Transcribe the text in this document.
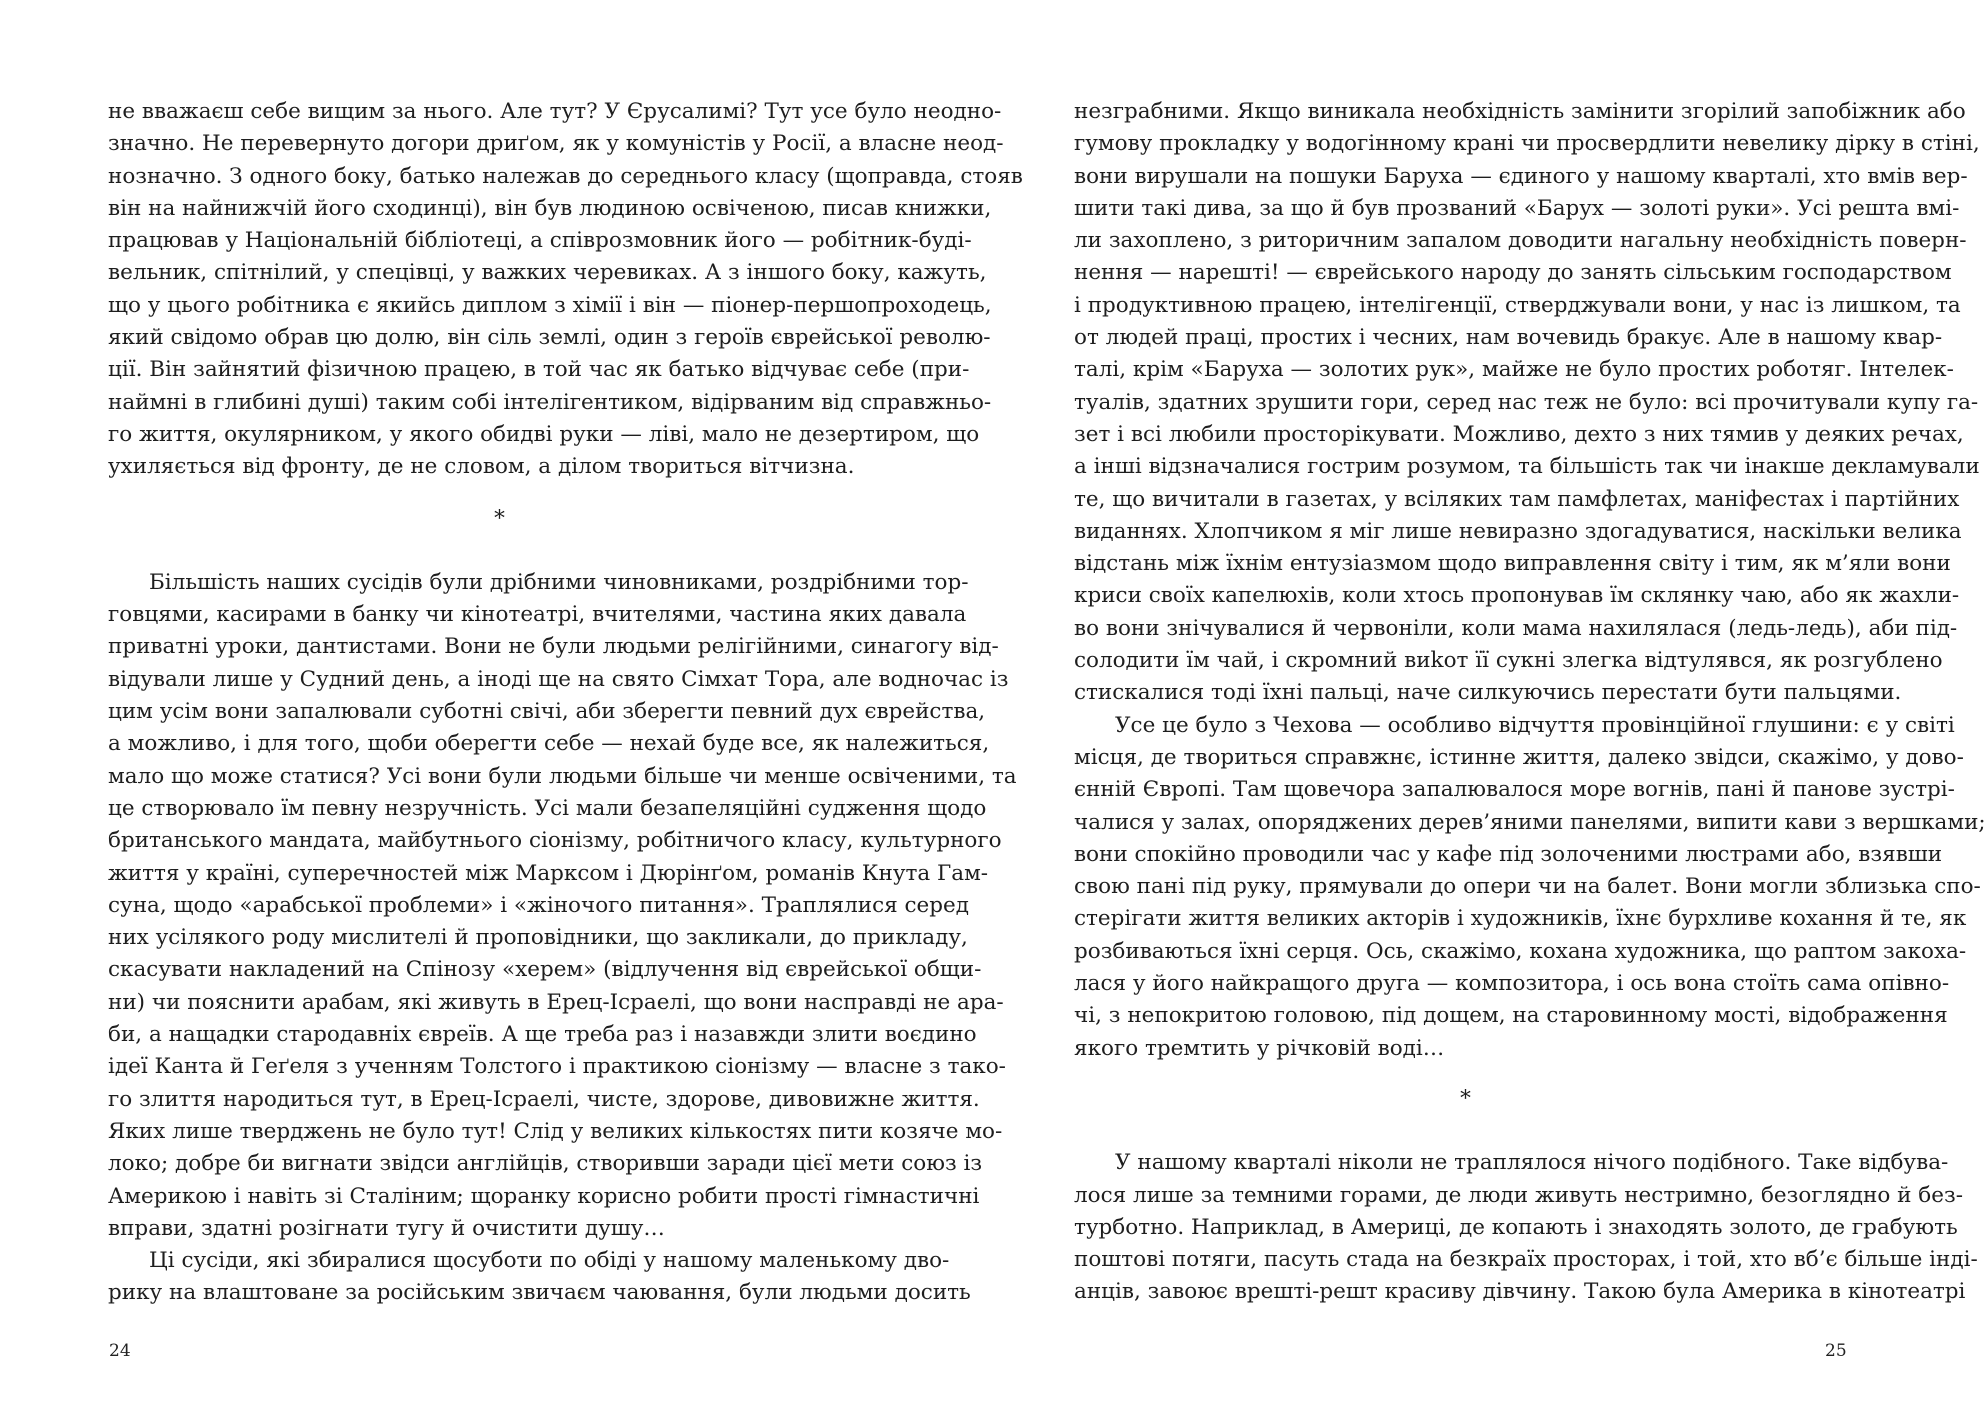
не вважаєш себе вищим за нього. Але тут? У Єрусалимі? Тут усе було неодно-
значно. Не перевернуто догори дриґом, як у комуністів у Росії, а власне неод-
нозначно. З одного боку, батько належав до середнього класу (щоправда, стояв
він на найнижчій його сходинці), він був людиною освіченою, писав книжки,
працював у Національній бібліотеці, а співрозмовник його — робітник-буді-
вельник, спітнілий, у спецівці, у важких черевиках. А з іншого боку, кажуть,
що у цього робітника є якийсь диплом з хімії і він — піонер-першопроходець,
який свідомо обрав цю долю, він сіль землі, один з героїв єврейської револю-
ції. Він зайнятий фізичною працею, в той час як батько відчуває себе (при-
наймні в глибині душі) таким собі інтелігентиком, відірваним від справжньо-
го життя, окулярником, у якого обидві руки — ліві, мало не дезертиром, що
ухиляється від фронту, де не словом, а ділом твориться вітчизна.
*
Більшість наших сусідів були дрібними чиновниками, роздрібними тор-
говцями, касирами в банку чи кінотеатрі, вчителями, частина яких давала
приватні уроки, дантистами. Вони не були людьми релігійними, синагогу від-
відували лише у Судний день, а іноді ще на свято Сімхат Тора, але водночас із
цим усім вони запалювали суботні свічі, аби зберегти певний дух єврейства,
а можливо, і для того, щоби оберегти себе — нехай буде все, як належиться,
мало що може статися? Усі вони були людьми більше чи менше освіченими, та
це створювало їм певну незручність. Усі мали безапеляційні судження щодо
британського мандата, майбутнього сіонізму, робітничого класу, культурного
життя у країні, суперечностей між Марксом і Дюрінґом, романів Кнута Гам-
суна, щодо «арабської проблеми» і «жіночого питання». Траплялися серед
них усілякого роду мислителі й проповідники, що закликали, до прикладу,
скасувати накладений на Спінозу «херем» (відлучення від єврейської общи-
ни) чи пояснити арабам, які живуть в Ерец-Ісраелі, що вони насправді не ара-
би, а нащадки стародавніх євреїв. А ще треба раз і назавжди злити воєдино
ідеї Канта й Геґеля з ученням Толстого і практикою сіонізму — власне з тако-
го злиття народиться тут, в Ерец-Ісраелі, чисте, здорове, дивовижне життя.
Яких лише тверджень не було тут! Слід у великих кількостях пити козяче мо-
локо; добре би вигнати звідси англійців, створивши заради цієї мети союз із
Америкою і навіть зі Сталіним; щоранку корисно робити прості гімнастичні
вправи, здатні розігнати тугу й очистити душу…
Ці сусіди, які збиралися щосуботи по обіді у нашому маленькому дво-
рику на влаштоване за російським звичаєм чаювання, були людьми досить
незграбними. Якщо виникала необхідність замінити згорілий запобіжник або
гумову прокладку у водогінному крані чи просвердлити невелику дірку в стіні,
вони вирушали на пошуки Баруха — єдиного у нашому кварталі, хто вмів вер-
шити такі дива, за що й був прозваний «Барух — золоті руки». Усі решта вмі-
ли захоплено, з риторичним запалом доводити нагальну необхідність поверн-
нення — нарешті! — єврейського народу до занять сільським господарством
і продуктивною працею, інтелігенції, стверджували вони, у нас із лишком, та
от людей праці, простих і чесних, нам вочевидь бракує. Але в нашому квар-
талі, крім «Баруха — золотих рук», майже не було простих роботяг. Інтелек-
туалів, здатних зрушити гори, серед нас теж не було: всі прочитували купу га-
зет і всі любили просторікувати. Можливо, дехто з них тямив у деяких речах,
а інші відзначалися гострим розумом, та більшість так чи інакше декламували
те, що вичитали в газетах, у всіляких там памфлетах, маніфестах і партійних
виданнях. Хлопчиком я міг лише невиразно здогадуватися, наскільки велика
відстань між їхнім ентузіазмом щодо виправлення світу і тим, як м’яли вони
криси своїх капелюхів, коли хтось пропонував їм склянку чаю, або як жахли-
во вони знічувалися й червоніли, коли мама нахилялася (ледь-ледь), аби під-
солодити їм чай, і скромний виkот її сукні злегка відтулявся, як розгублено
стискалися тоді їхні пальці, наче силкуючись перестати бути пальцями.
Усе це було з Чехова — особливо відчуття провінційної глушини: є у світі
місця, де твориться справжнє, істинне життя, далеко звідси, скажімо, у дово-
єнній Європі. Там щовечора запалювалося море вогнів, пані й панове зустрі-
чалися у залах, опоряджених дерев’яними панелями, випити кави з вершками;
вони спокійно проводили час у кафе під золоченими люстрами або, взявши
свою пані під руку, прямували до опери чи на балет. Вони могли зблизька спо-
стерігати життя великих акторів і художників, їхнє бурхливе кохання й те, як
розбиваються їхні серця. Ось, скажімо, кохана художника, що раптом закоха-
лася у його найкращого друга — композитора, і ось вона стоїть сама опівно-
чі, з непокритою головою, під дощем, на старовинному мості, відображення
якого тремтить у річковій воді…
*
У нашому кварталі ніколи не траплялося нічого подібного. Таке відбува-
лося лише за темними горами, де люди живуть нестримно, безоглядно й без-
турботно. Наприклад, в Америці, де копають і знаходять золото, де грабують
поштові потяги, пасуть стада на безкраїх просторах, і той, хто вб’є більше інді-
анців, завоює врешті-решт красиву дівчину. Такою була Америка в кінотеатрі
24	25
